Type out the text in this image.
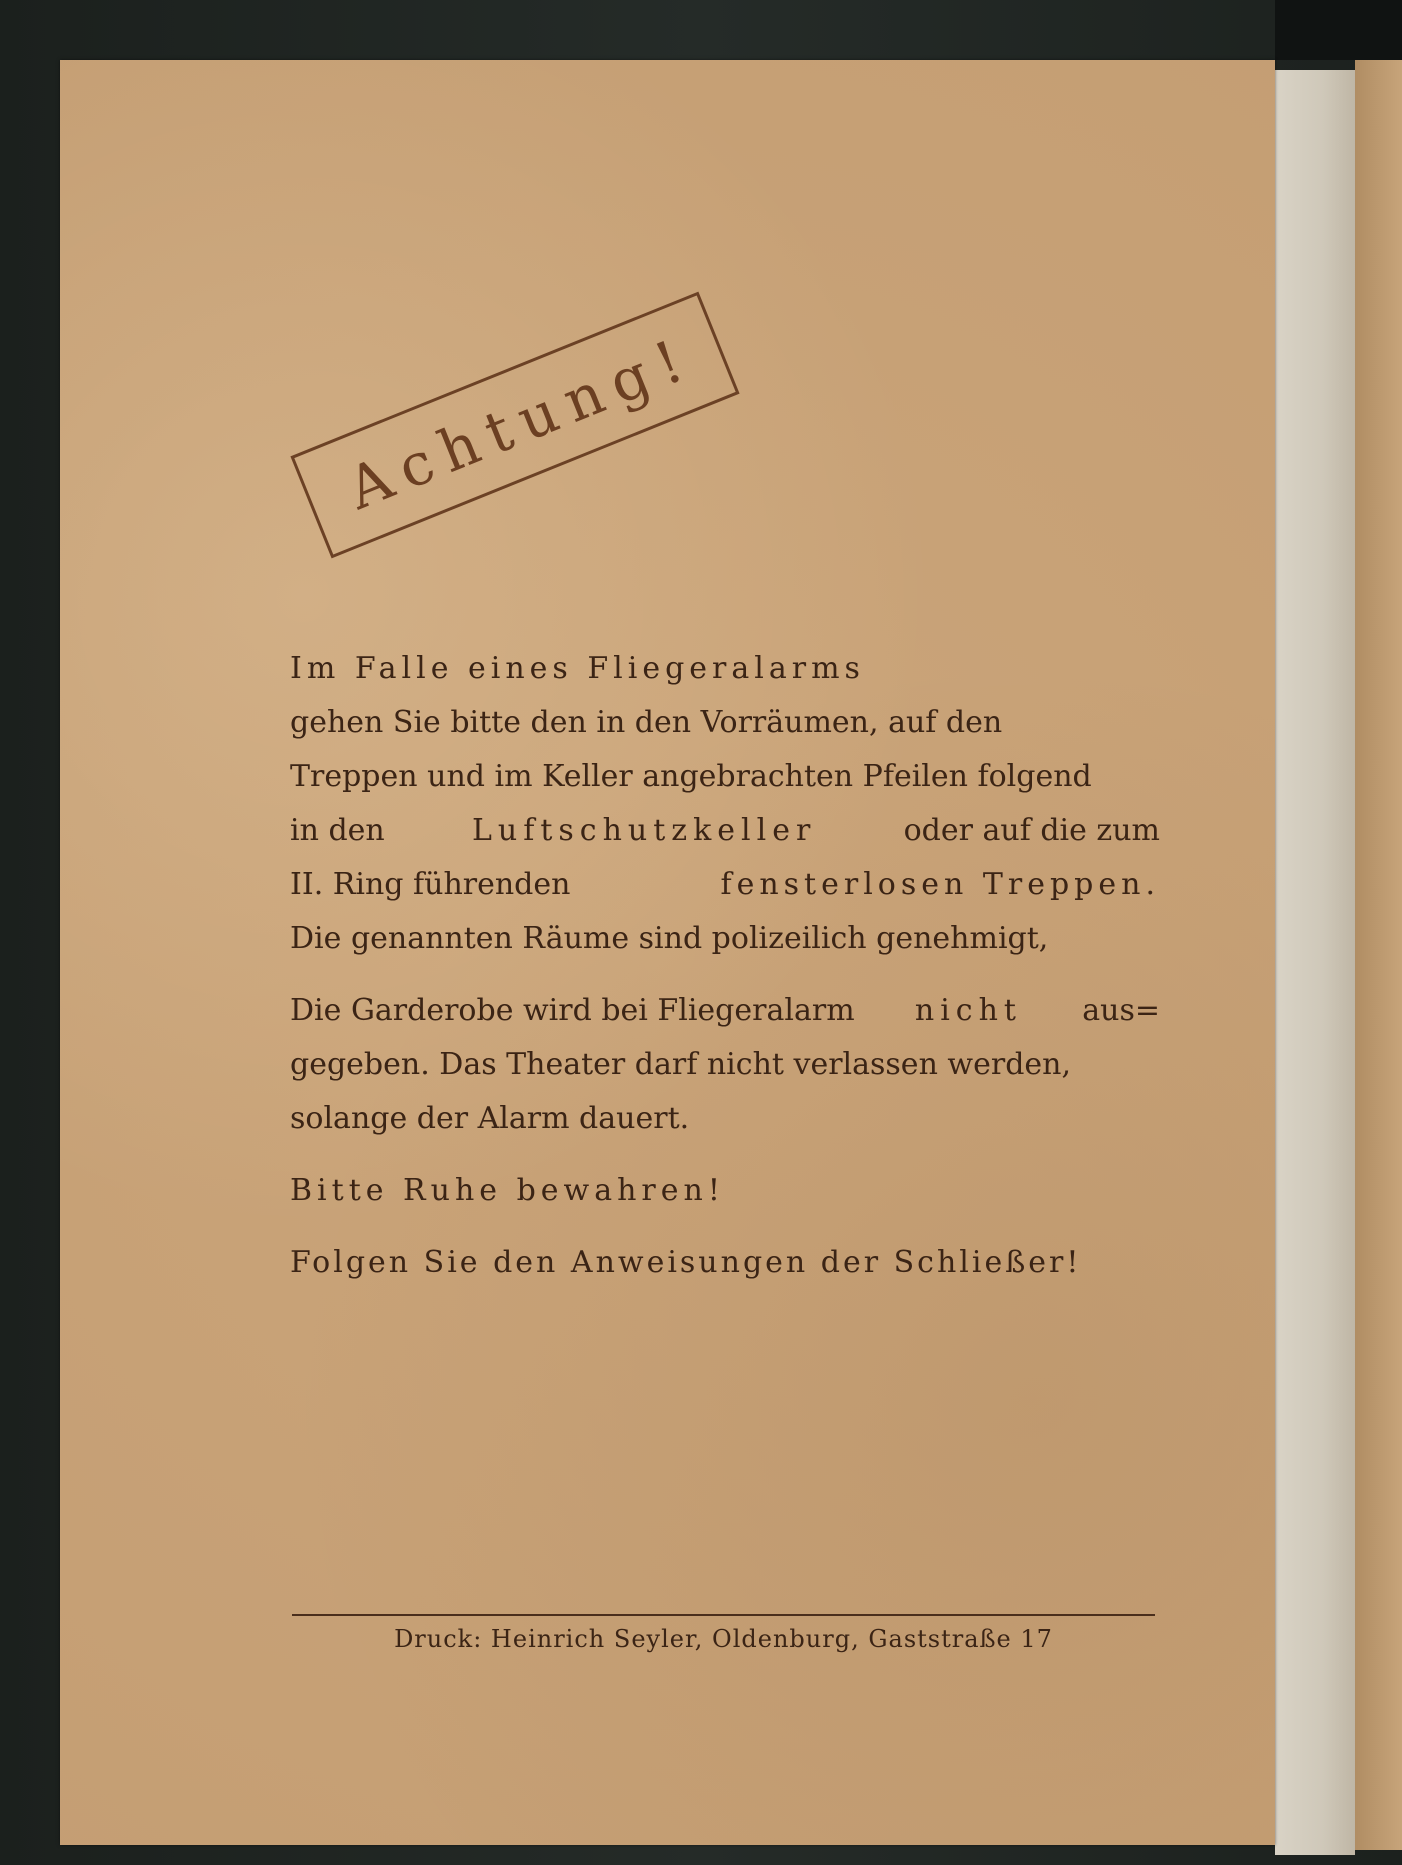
Achtung!
Im Falle eines Fliegeralarms
gehen Sie bitte den in den Vorräumen, auf den
Treppen und im Keller angebrachten Pfeilen folgend
in den	Luftschutzkeller	oder auf die zum
II. Ring führenden	fensterlosen Treppen.
Die genannten Räume sind polizeilich genehmigt,
Die Garderobe wird bei Fliegeralarm nicht aus=
gegeben. Das Theater darf nicht verlassen werden,
solange der Alarm dauert.
Bitte Ruhe bewahren!
Folgen Sie den Anweisungen der Schließer!
Druck: Heinrich Seyler, Oldenburg, Gaststraße 17
